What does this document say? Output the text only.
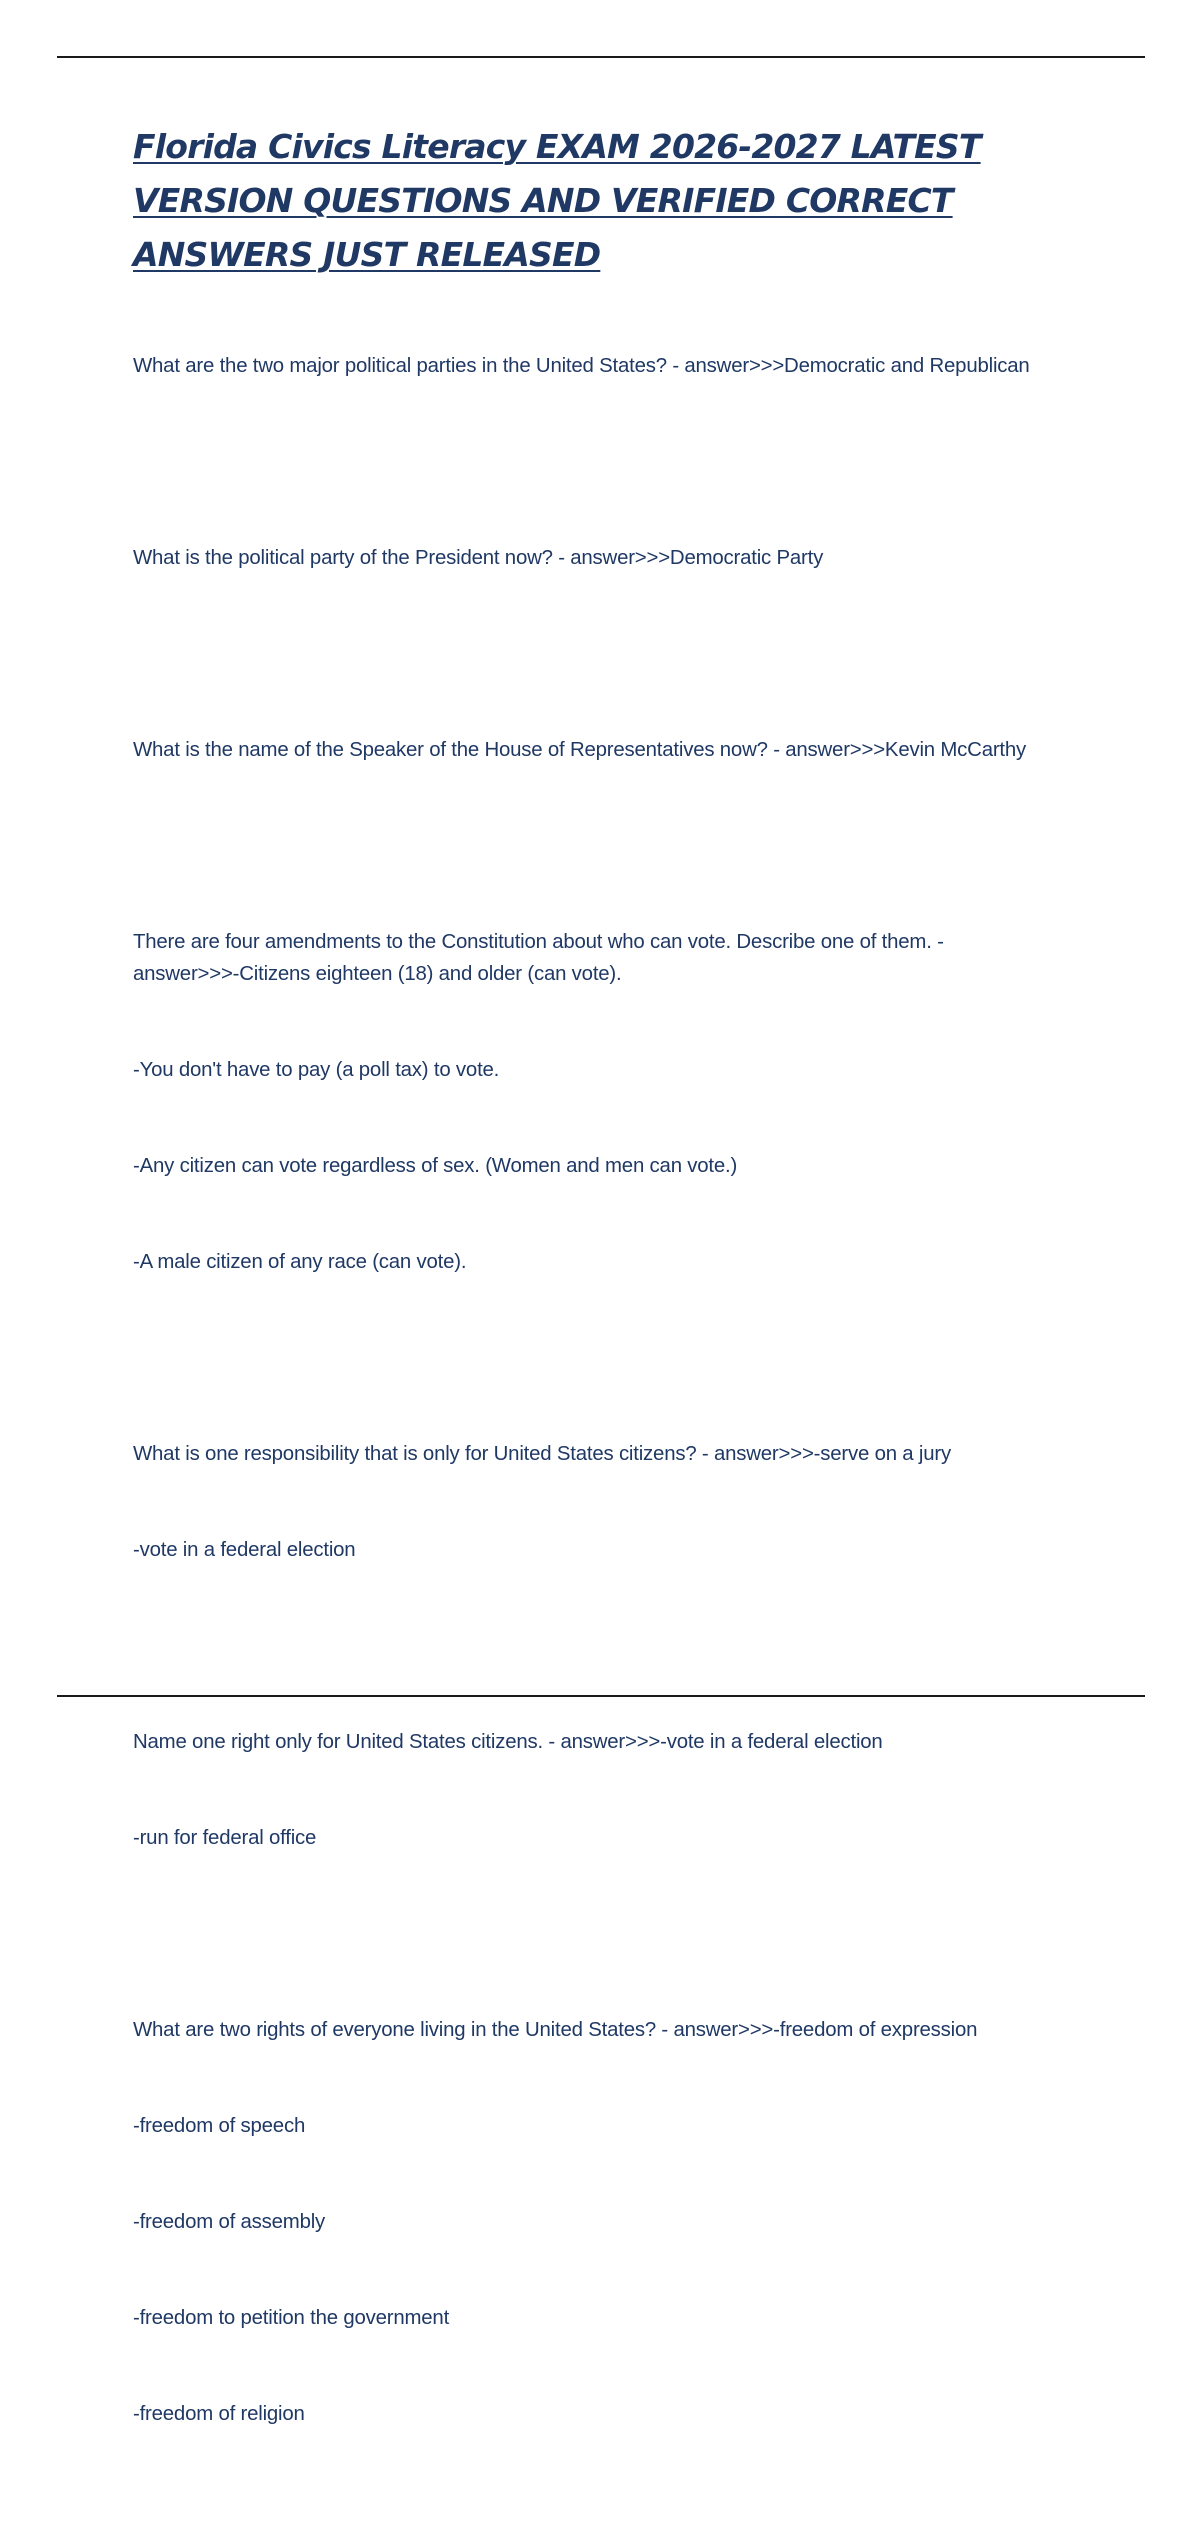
Florida Civics Literacy EXAM 2026-2027 LATEST VERSION QUESTIONS AND VERIFIED CORRECT ANSWERS JUST RELEASED

What are the two major political parties in the United States? - answer>>>Democratic and Republican

What is the political party of the President now? - answer>>>Democratic Party

What is the name of the Speaker of the House of Representatives now? - answer>>>Kevin McCarthy

There are four amendments to the Constitution about who can vote. Describe one of them. - answer>>>-Citizens eighteen (18) and older (can vote).

-You don't have to pay (a poll tax) to vote.

-Any citizen can vote regardless of sex. (Women and men can vote.)

-A male citizen of any race (can vote).

What is one responsibility that is only for United States citizens? - answer>>>-serve on a jury

-vote in a federal election

Name one right only for United States citizens. - answer>>>-vote in a federal election

-run for federal office

What are two rights of everyone living in the United States? - answer>>>-freedom of expression

-freedom of speech

-freedom of assembly

-freedom to petition the government

-freedom of religion
